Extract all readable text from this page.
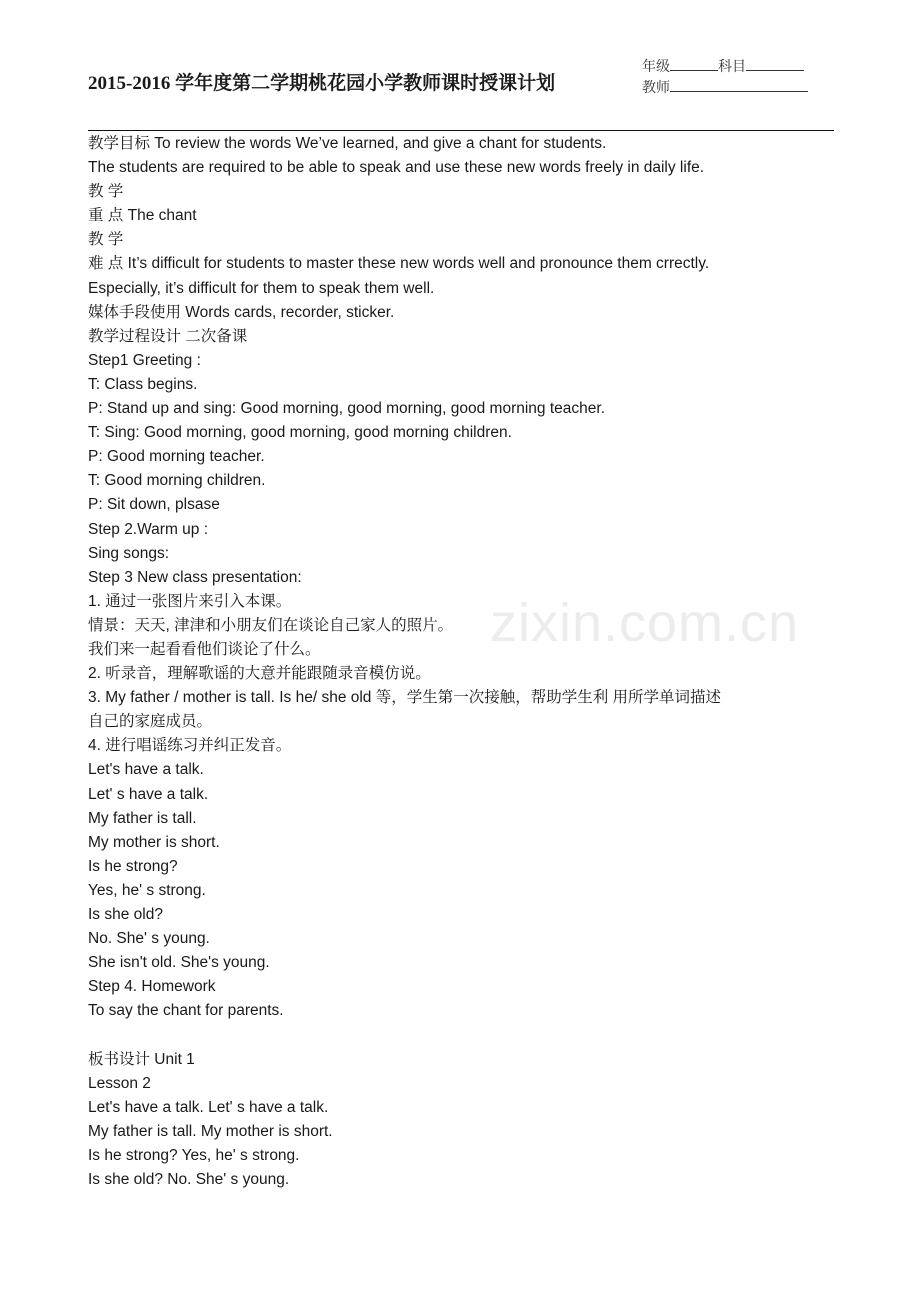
2015-2016 学年度第二学期桃花园小学教师课时授课计划
年级	科目
教师
zixin.com.cn
教学目标 To review the words We’ve learned, and give a chant for students.
The students are required to be able to speak and use these new words freely in daily life.
教 学
重 点 The chant
教 学
难 点 It’s difficult for students to master these new words well and pronounce them crrectly.
Especially, it’s difficult for them to speak them well.
媒体手段使用 Words cards, recorder, sticker.
教学过程设计 二次备课
Step1 Greeting :
T: Class begins.
P: Stand up and sing: Good morning, good morning, good morning teacher.
T: Sing: Good morning, good morning, good morning children.
P: Good morning teacher.
T: Good morning children.
P: Sit down, plsase
Step 2.Warm up :
Sing songs:
Step 3 New class presentation:
1. 通过一张图片来引入本课。
情景：天天, 津津和小朋友们在谈论自己家人的照片。
我们来一起看看他们谈论了什么。
2. 听录音，理解歌谣的大意并能跟随录音模仿说。
3. My father / mother is tall. Is he/ she old 等，学生第一次接触，帮助学生利 用所学单词描述
自己的家庭成员。
4. 进行唱谣练习并纠正发音。
Let's have a talk.
Let' s have a talk.
My father is tall.
My mother is short.
Is he strong?
Yes, he' s strong.
Is she old?
No. She' s young.
She isn't old. She's young.
Step 4. Homework
To say the chant for parents.
板书设计 Unit 1
Lesson 2
Let's have a talk. Let' s have a talk.
My father is tall. My mother is short.
Is he strong? Yes, he' s strong.
Is she old? No. She' s young.
